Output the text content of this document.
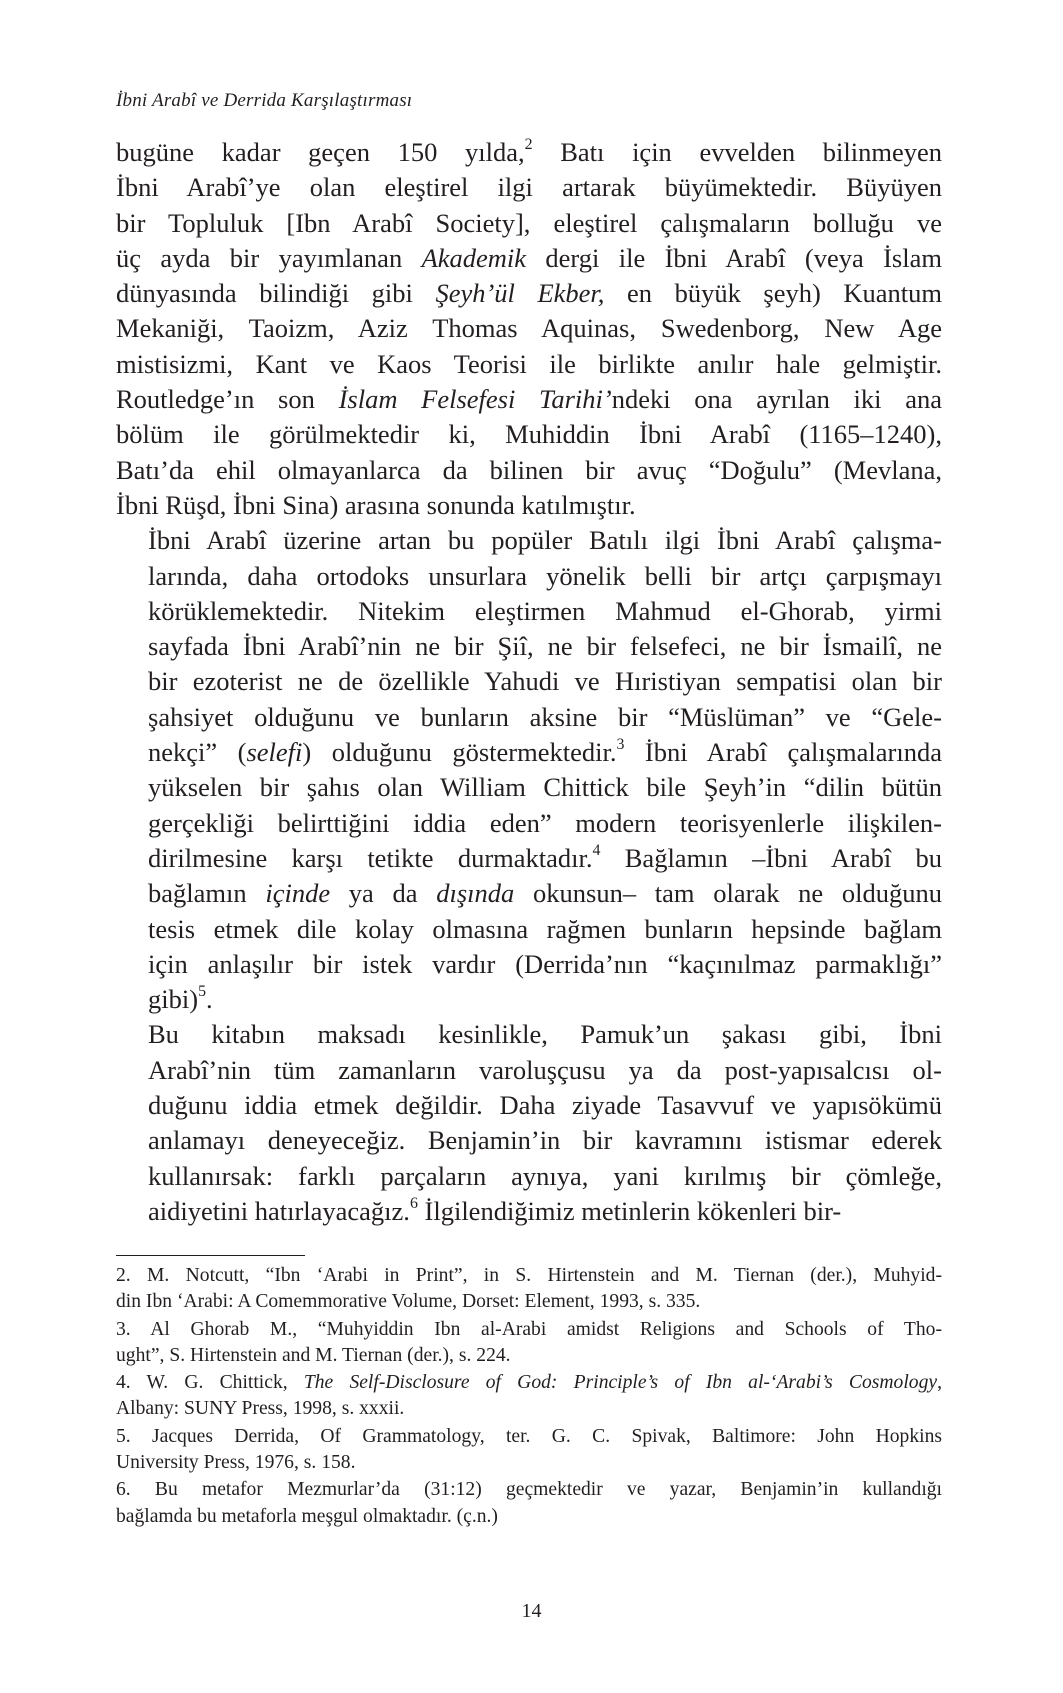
İbni Arabî ve Derrida Karşılaştırması

bugüne kadar geçen 150 yılda,$^2$ Batı için evvelden bilinmeyen
İbni Arabî’ye olan eleştirel ilgi artarak büyümektedir. Büyüyen
bir Topluluk [Ibn Arabî Society], eleştirel çalışmaların bolluğu ve
üç ayda bir yayımlanan Akademik dergi ile İbni Arabî (veya İslam
dünyasında bilindiği gibi Şeyh’ül Ekber, en büyük şeyh) Kuantum
Mekaniği, Taoizm, Aziz Thomas Aquinas, Swedenborg, New Age
mistisizmi, Kant ve Kaos Teorisi ile birlikte anılır hale gelmiştir.
Routledge’ın son İslam Felsefesi Tarihi’ndeki ona ayrılan iki ana
bölüm ile görülmektedir ki, Muhiddin İbni Arabî (1165–1240),
Batı’da ehil olmayanlarca da bilinen bir avuç “Doğulu” (Mevlana,
İbni Rüşd, İbni Sina) arasına sonunda katılmıştır.

İbni Arabî üzerine artan bu popüler Batılı ilgi İbni Arabî çalışma-
larında, daha ortodoks unsurlara yönelik belli bir artçı çarpışmayı
körüklemektedir. Nitekim eleştirmen Mahmud el-Ghorab, yirmi
sayfada İbni Arabî’nin ne bir Şiî, ne bir felsefeci, ne bir İsmailî, ne
bir ezoterist ne de özellikle Yahudi ve Hıristiyan sempatisi olan bir
şahsiyet olduğunu ve bunların aksine bir “Müslüman” ve “Gele-
nekçi” (selefi) olduğunu göstermektedir.$^3$ İbni Arabî çalışmalarında
yükselen bir şahıs olan William Chittick bile Şeyh’in “dilin bütün
gerçekliği belirttiğini iddia eden” modern teorisyenlerle ilişkilen-
dirilmesine karşı tetikte durmaktadır.$^4$ Bağlamın –İbni Arabî bu
bağlamın içinde ya da dışında okunsun– tam olarak ne olduğunu
tesis etmek dile kolay olmasına rağmen bunların hepsinde bağlam
için anlaşılır bir istek vardır (Derrida’nın “kaçınılmaz parmaklığı”
gibi)$^5$.

Bu kitabın maksadı kesinlikle, Pamuk’un şakası gibi, İbni
Arabî’nin tüm zamanların varoluşçusu ya da post-yapısalcısı ol-
duğunu iddia etmek değildir. Daha ziyade Tasavvuf ve yapısökümü
anlamayı deneyeceğiz. Benjamin’in bir kavramını istismar ederek
kullanırsak: farklı parçaların aynıya, yani kırılmış bir çömleğe,
aidiyetini hatırlayacağız.$^6$ İlgilendiğimiz metinlerin kökenleri bir-

2. M. Notcutt, “Ibn ‘Arabi in Print”, in S. Hirtenstein and M. Tiernan (der.), Muhyid-
din Ibn ‘Arabi: A Comemmorative Volume, Dorset: Element, 1993, s. 335.

3. Al Ghorab M., “Muhyiddin Ibn al-Arabi amidst Religions and Schools of Tho-
ught”, S. Hirtenstein and M. Tiernan (der.), s. 224.

4. W. G. Chittick, The Self-Disclosure of God: Principle’s of Ibn al-‘Arabi’s Cosmology,
Albany: SUNY Press, 1998, s. xxxii.

5. Jacques Derrida, Of Grammatology, ter. G. C. Spivak, Baltimore: John Hopkins
University Press, 1976, s. 158.

6. Bu metafor Mezmurlar’da (31:12) geçmektedir ve yazar, Benjamin’in kullandığı
bağlamda bu metaforla meşgul olmaktadır. (ç.n.)

14
